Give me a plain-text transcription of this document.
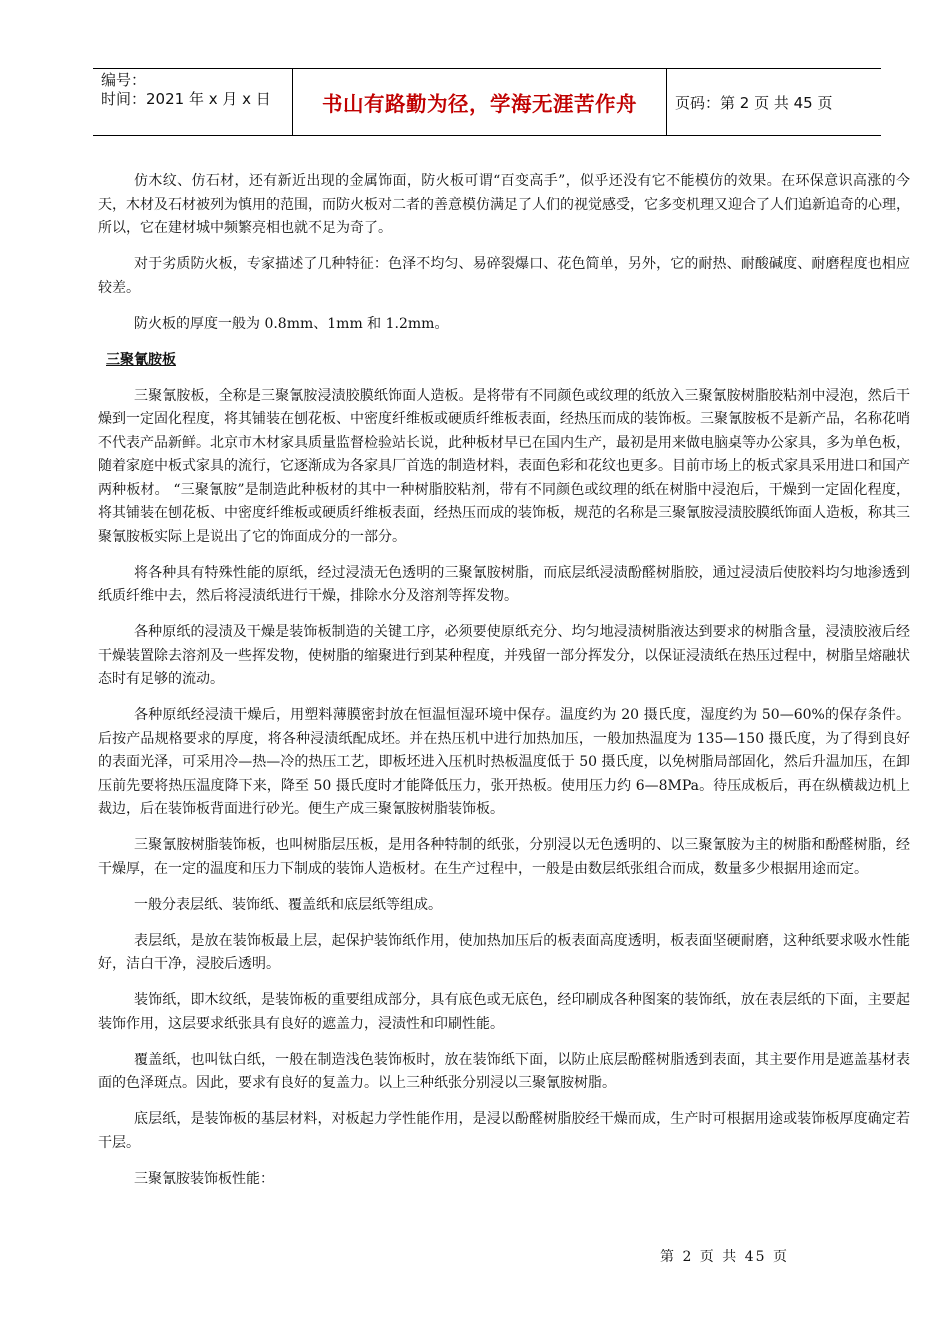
编号：
时间：2021 年 x 月 x 日	书山有路勤为径，学海无涯苦作舟	页码：第 2 页 共 45 页

仿木纹、仿石材，还有新近出现的金属饰面，防火板可谓“百变高手”，似乎还没有它不能模仿的效果。在环保意识高涨的今天，木材及石材被列为慎用的范围，而防火板对二者的善意模仿满足了人们的视觉感受，它多变机理又迎合了人们追新追奇的心理，所以，它在建材城中频繁亮相也就不足为奇了。

对于劣质防火板，专家描述了几种特征：色泽不均匀、易碎裂爆口、花色简单，另外，它的耐热、耐酸碱度、耐磨程度也相应较差。

防火板的厚度一般为 0.8mm、1mm 和 1.2mm。

三聚氰胺板

三聚氰胺板，全称是三聚氰胺浸渍胶膜纸饰面人造板。是将带有不同颜色或纹理的纸放入三聚氰胺树脂胶粘剂中浸泡，然后干燥到一定固化程度，将其铺装在刨花板、中密度纤维板或硬质纤维板表面，经热压而成的装饰板。三聚氰胺板不是新产品，名称花哨不代表产品新鲜。北京市木材家具质量监督检验站长说，此种板材早已在国内生产，最初是用来做电脑桌等办公家具，多为单色板，随着家庭中板式家具的流行，它逐渐成为各家具厂首选的制造材料，表面色彩和花纹也更多。目前市场上的板式家具采用进口和国产两种板材。 “三聚氰胺”是制造此种板材的其中一种树脂胶粘剂，带有不同颜色或纹理的纸在树脂中浸泡后，干燥到一定固化程度，将其铺装在刨花板、中密度纤维板或硬质纤维板表面，经热压而成的装饰板，规范的名称是三聚氰胺浸渍胶膜纸饰面人造板，称其三聚氰胺板实际上是说出了它的饰面成分的一部分。

将各种具有特殊性能的原纸，经过浸渍无色透明的三聚氰胺树脂，而底层纸浸渍酚醛树脂胶，通过浸渍后使胶料均匀地渗透到纸质纤维中去，然后将浸渍纸进行干燥，排除水分及溶剂等挥发物。

各种原纸的浸渍及干燥是装饰板制造的关键工序，必须要使原纸充分、均匀地浸渍树脂液达到要求的树脂含量，浸渍胶液后经干燥装置除去溶剂及一些挥发物，使树脂的缩聚进行到某种程度，并残留一部分挥发分，以保证浸渍纸在热压过程中，树脂呈熔融状态时有足够的流动。

各种原纸经浸渍干燥后，用塑料薄膜密封放在恒温恒湿环境中保存。温度约为 20 摄氏度，湿度约为 50—60%的保存条件。后按产品规格要求的厚度，将各种浸渍纸配成坯。并在热压机中进行加热加压，一般加热温度为 135—150 摄氏度，为了得到良好的表面光泽，可采用冷—热—冷的热压工艺，即板坯进入压机时热板温度低于 50 摄氏度，以免树脂局部固化，然后升温加压，在卸压前先要将热压温度降下来，降至 50 摄氏度时才能降低压力，张开热板。使用压力约 6—8MPa。待压成板后，再在纵横裁边机上裁边，后在装饰板背面进行砂光。便生产成三聚氰胺树脂装饰板。

三聚氰胺树脂装饰板，也叫树脂层压板，是用各种特制的纸张，分别浸以无色透明的、以三聚氰胺为主的树脂和酚醛树脂，经干燥厚，在一定的温度和压力下制成的装饰人造板材。在生产过程中，一般是由数层纸张组合而成，数量多少根据用途而定。

一般分表层纸、装饰纸、覆盖纸和底层纸等组成。

表层纸，是放在装饰板最上层，起保护装饰纸作用，使加热加压后的板表面高度透明，板表面坚硬耐磨，这种纸要求吸水性能好，洁白干净，浸胶后透明。

装饰纸，即木纹纸，是装饰板的重要组成部分，具有底色或无底色，经印刷成各种图案的装饰纸，放在表层纸的下面，主要起装饰作用，这层要求纸张具有良好的遮盖力，浸渍性和印刷性能。

覆盖纸，也叫钛白纸，一般在制造浅色装饰板时，放在装饰纸下面，以防止底层酚醛树脂透到表面，其主要作用是遮盖基材表面的色泽斑点。因此，要求有良好的复盖力。以上三种纸张分别浸以三聚氰胺树脂。

底层纸，是装饰板的基层材料，对板起力学性能作用，是浸以酚醛树脂胶经干燥而成，生产时可根据用途或装饰板厚度确定若干层。

三聚氰胺装饰板性能：

第 2 页 共 45 页
